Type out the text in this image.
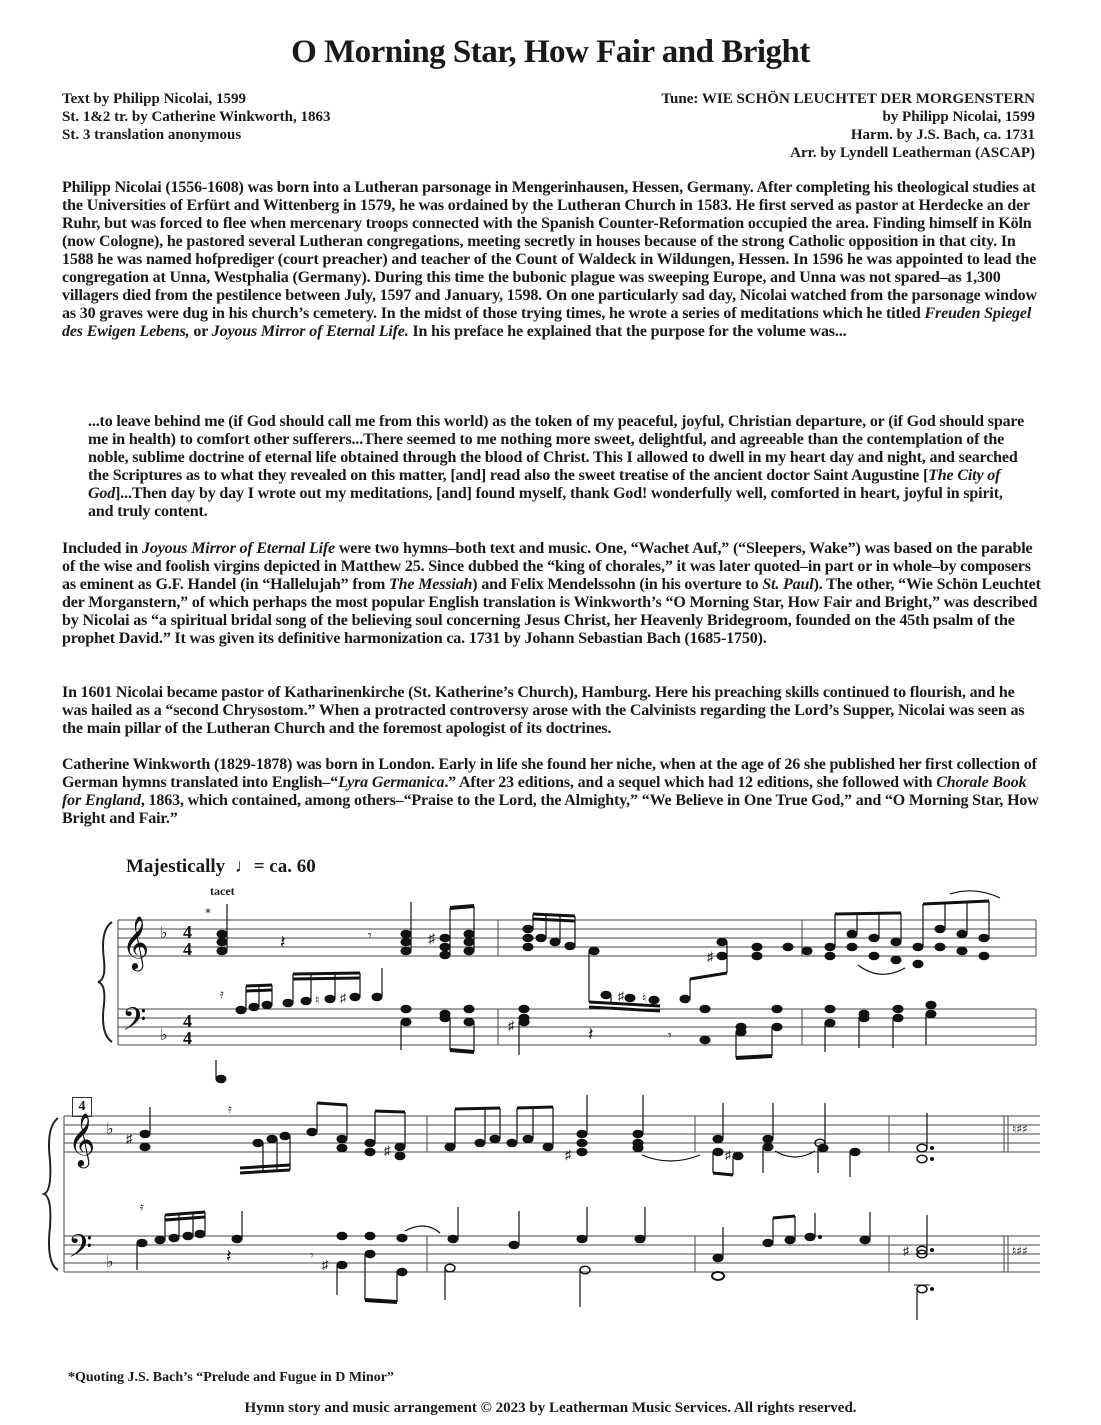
O Morning Star, How Fair and Bright
Text by Philipp Nicolai, 1599
St. 1&2 tr. by Catherine Winkworth, 1863
St. 3 translation anonymous
Tune: WIE SCHÖN LEUCHTET DER MORGENSTERN
by Philipp Nicolai, 1599
Harm. by J.S. Bach, ca. 1731
Arr. by Lyndell Leatherman (ASCAP)

Philipp Nicolai (1556-1608) was born into a Lutheran parsonage in Mengerinhausen, Hessen, Germany. After completing his theological studies at the Universities of Erfürt and Wittenberg in 1579, he was ordained by the Lutheran Church in 1583. He first served as pastor at Herdecke an der Ruhr, but was forced to flee when mercenary troops connected with the Spanish Counter-Reformation occupied the area. Finding himself in Köln (now Cologne), he pastored several Lutheran congregations, meeting secretly in houses because of the strong Catholic opposition in that city. In 1588 he was named hofprediger (court preacher) and teacher of the Count of Waldeck in Wildungen, Hessen. In 1596 he was appointed to lead the congregation at Unna, Westphalia (Germany). During this time the bubonic plague was sweeping Europe, and Unna was not spared–as 1,300 villagers died from the pestilence between July, 1597 and January, 1598. On one particularly sad day, Nicolai watched from the parsonage window as 30 graves were dug in his church’s cemetery. In the midst of those trying times, he wrote a series of meditations which he titled Freuden Spiegel des Ewigen Lebens, or Joyous Mirror of Eternal Life. In his preface he explained that the purpose for the volume was...

...to leave behind me (if God should call me from this world) as the token of my peaceful, joyful, Christian departure, or (if God should spare me in health) to comfort other sufferers...There seemed to me nothing more sweet, delightful, and agreeable than the contemplation of the noble, sublime doctrine of eternal life obtained through the blood of Christ. This I allowed to dwell in my heart day and night, and searched the Scriptures as to what they revealed on this matter, [and] read also the sweet treatise of the ancient doctor Saint Augustine [The City of God]...Then day by day I wrote out my meditations, [and] found myself, thank God! wonderfully well, comforted in heart, joyful in spirit, and truly content.

Included in Joyous Mirror of Eternal Life were two hymns–both text and music. One, “Wachet Auf,” (“Sleepers, Wake”) was based on the parable of the wise and foolish virgins depicted in Matthew 25. Since dubbed the “king of chorales,” it was later quoted–in part or in whole–by composers as eminent as G.F. Handel (in “Hallelujah” from The Messiah) and Felix Mendelssohn (in his overture to St. Paul). The other, “Wie Schön Leuchtet der Morganstern,” of which perhaps the most popular English translation is Winkworth’s “O Morning Star, How Fair and Bright,” was described by Nicolai as “a spiritual bridal song of the believing soul concerning Jesus Christ, her Heavenly Bridegroom, founded on the 45th psalm of the prophet David.” It was given its definitive harmonization ca. 1731 by Johann Sebastian Bach (1685-1750).

In 1601 Nicolai became pastor of Katharinenkirche (St. Katherine’s Church), Hamburg. Here his preaching skills continued to flourish, and he was hailed as a “second Chrysostom.” When a protracted controversy arose with the Calvinists regarding the Lord’s Supper, Nicolai was seen as the main pillar of the Lutheran Church and the foremost apologist of its doctrines.

Catherine Winkworth (1829-1878) was born in London. Early in life she found her niche, when at the age of 26 she published her first collection of German hymns translated into English–“Lyra Germanica.” After 23 editions, and a sequel which had 12 editions, she followed with Chorale Book for England, 1863, which contained, among others–“Praise to the Lord, the Almighty,” “We Believe in One True God,” and “O Morning Star, How Bright and Fair.”

Majestically ♩= ca. 60
tacet
𝄞
𝄢
♭
♭
4
4
4
4
*
𝄽	𝄾	♯
𝄿	♮ ♯	♯ ♮
♯
♯	𝄽	𝄾
4
𝄞
𝄢
♭
♭
♮♯♯
♮♯♯
♯
𝄿
♯
𝄿
𝄽	𝄾
♯
♯	♯
♯
*Quoting J.S. Bach’s “Prelude and Fugue in D Minor”
Hymn story and music arrangement © 2023 by Leatherman Music Services. All rights reserved.
